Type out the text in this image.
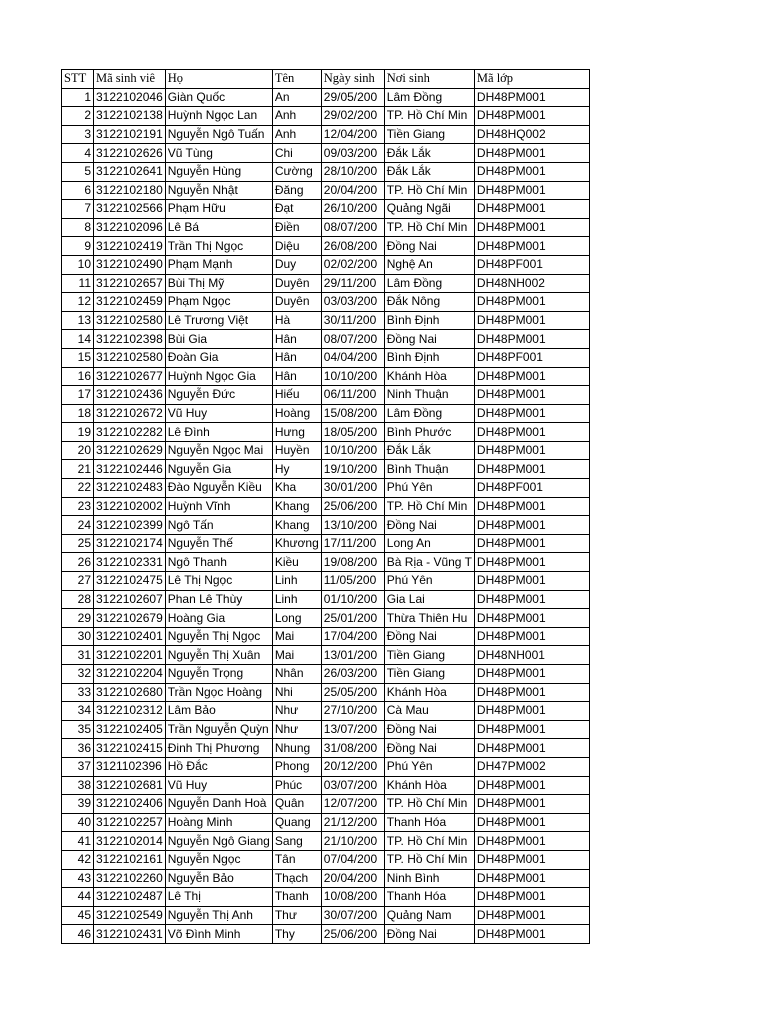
STT	Mã sinh viê	Họ	Tên	Ngày sinh	Nơi sinh	Mã lớp
1	3122102046	Giàn Quốc	An	29/05/200	Lâm Đồng	DH48PM001
2	3122102138	Huỳnh Ngọc Lan	Anh	29/02/200	TP. Hồ Chí Min	DH48PM001
3	3122102191	Nguyễn Ngô Tuấn	Anh	12/04/200	Tiền Giang	DH48HQ002
4	3122102626	Vũ Tùng	Chi	09/03/200	Đắk Lắk	DH48PM001
5	3122102641	Nguyễn Hùng	Cường	28/10/200	Đắk Lắk	DH48PM001
6	3122102180	Nguyễn Nhật	Đăng	20/04/200	TP. Hồ Chí Min	DH48PM001
7	3122102566	Phạm Hữu	Đạt	26/10/200	Quảng Ngãi	DH48PM001
8	3122102096	Lê Bá	Điền	08/07/200	TP. Hồ Chí Min	DH48PM001
9	3122102419	Trần Thị Ngọc	Diệu	26/08/200	Đồng Nai	DH48PM001
10	3122102490	Phạm Mạnh	Duy	02/02/200	Nghệ An	DH48PF001
11	3122102657	Bùi Thị Mỹ	Duyên	29/11/200	Lâm Đồng	DH48NH002
12	3122102459	Phạm Ngọc	Duyên	03/03/200	Đắk Nông	DH48PM001
13	3122102580	Lê Trương Việt	Hà	30/11/200	Bình Định	DH48PM001
14	3122102398	Bùi Gia	Hân	08/07/200	Đồng Nai	DH48PM001
15	3122102580	Đoàn Gia	Hân	04/04/200	Bình Định	DH48PF001
16	3122102677	Huỳnh Ngọc Gia	Hân	10/10/200	Khánh Hòa	DH48PM001
17	3122102436	Nguyễn Đức	Hiếu	06/11/200	Ninh Thuận	DH48PM001
18	3122102672	Vũ Huy	Hoàng	15/08/200	Lâm Đồng	DH48PM001
19	3122102282	Lê Đình	Hưng	18/05/200	Bình Phước	DH48PM001
20	3122102629	Nguyễn Ngọc Mai	Huyền	10/10/200	Đắk Lắk	DH48PM001
21	3122102446	Nguyễn Gia	Hy	19/10/200	Bình Thuận	DH48PM001
22	3122102483	Đào Nguyễn Kiều	Kha	30/01/200	Phú Yên	DH48PF001
23	3122102002	Huỳnh Vĩnh	Khang	25/06/200	TP. Hồ Chí Min	DH48PM001
24	3122102399	Ngô Tấn	Khang	13/10/200	Đồng Nai	DH48PM001
25	3122102174	Nguyễn Thế	Khương	17/11/200	Long An	DH48PM001
26	3122102331	Ngô Thanh	Kiều	19/08/200	Bà Rịa - Vũng T	DH48PM001
27	3122102475	Lê Thị Ngọc	Linh	11/05/200	Phú Yên	DH48PM001
28	3122102607	Phan Lê Thùy	Linh	01/10/200	Gia Lai	DH48PM001
29	3122102679	Hoàng Gia	Long	25/01/200	Thừa Thiên Hu	DH48PM001
30	3122102401	Nguyễn Thị Ngọc	Mai	17/04/200	Đồng Nai	DH48PM001
31	3122102201	Nguyễn Thị Xuân	Mai	13/01/200	Tiền Giang	DH48NH001
32	3122102204	Nguyễn Trọng	Nhân	26/03/200	Tiền Giang	DH48PM001
33	3122102680	Trần Ngọc Hoàng	Nhi	25/05/200	Khánh Hòa	DH48PM001
34	3122102312	Lâm Bảo	Như	27/10/200	Cà Mau	DH48PM001
35	3122102405	Trần Nguyễn Quỳn	Như	13/07/200	Đồng Nai	DH48PM001
36	3122102415	Đinh Thị Phương	Nhung	31/08/200	Đồng Nai	DH48PM001
37	3121102396	Hồ Đắc	Phong	20/12/200	Phú Yên	DH47PM002
38	3122102681	Vũ Huy	Phúc	03/07/200	Khánh Hòa	DH48PM001
39	3122102406	Nguyễn Danh Hoà	Quân	12/07/200	TP. Hồ Chí Min	DH48PM001
40	3122102257	Hoàng Minh	Quang	21/12/200	Thanh Hóa	DH48PM001
41	3122102014	Nguyễn Ngô Giang	Sang	21/10/200	TP. Hồ Chí Min	DH48PM001
42	3122102161	Nguyễn Ngọc	Tân	07/04/200	TP. Hồ Chí Min	DH48PM001
43	3122102260	Nguyễn Bảo	Thạch	20/04/200	Ninh Bình	DH48PM001
44	3122102487	Lê Thị	Thanh	10/08/200	Thanh Hóa	DH48PM001
45	3122102549	Nguyễn Thị Anh	Thư	30/07/200	Quảng Nam	DH48PM001
46	3122102431	Võ Đình Minh	Thy	25/06/200	Đồng Nai	DH48PM001
